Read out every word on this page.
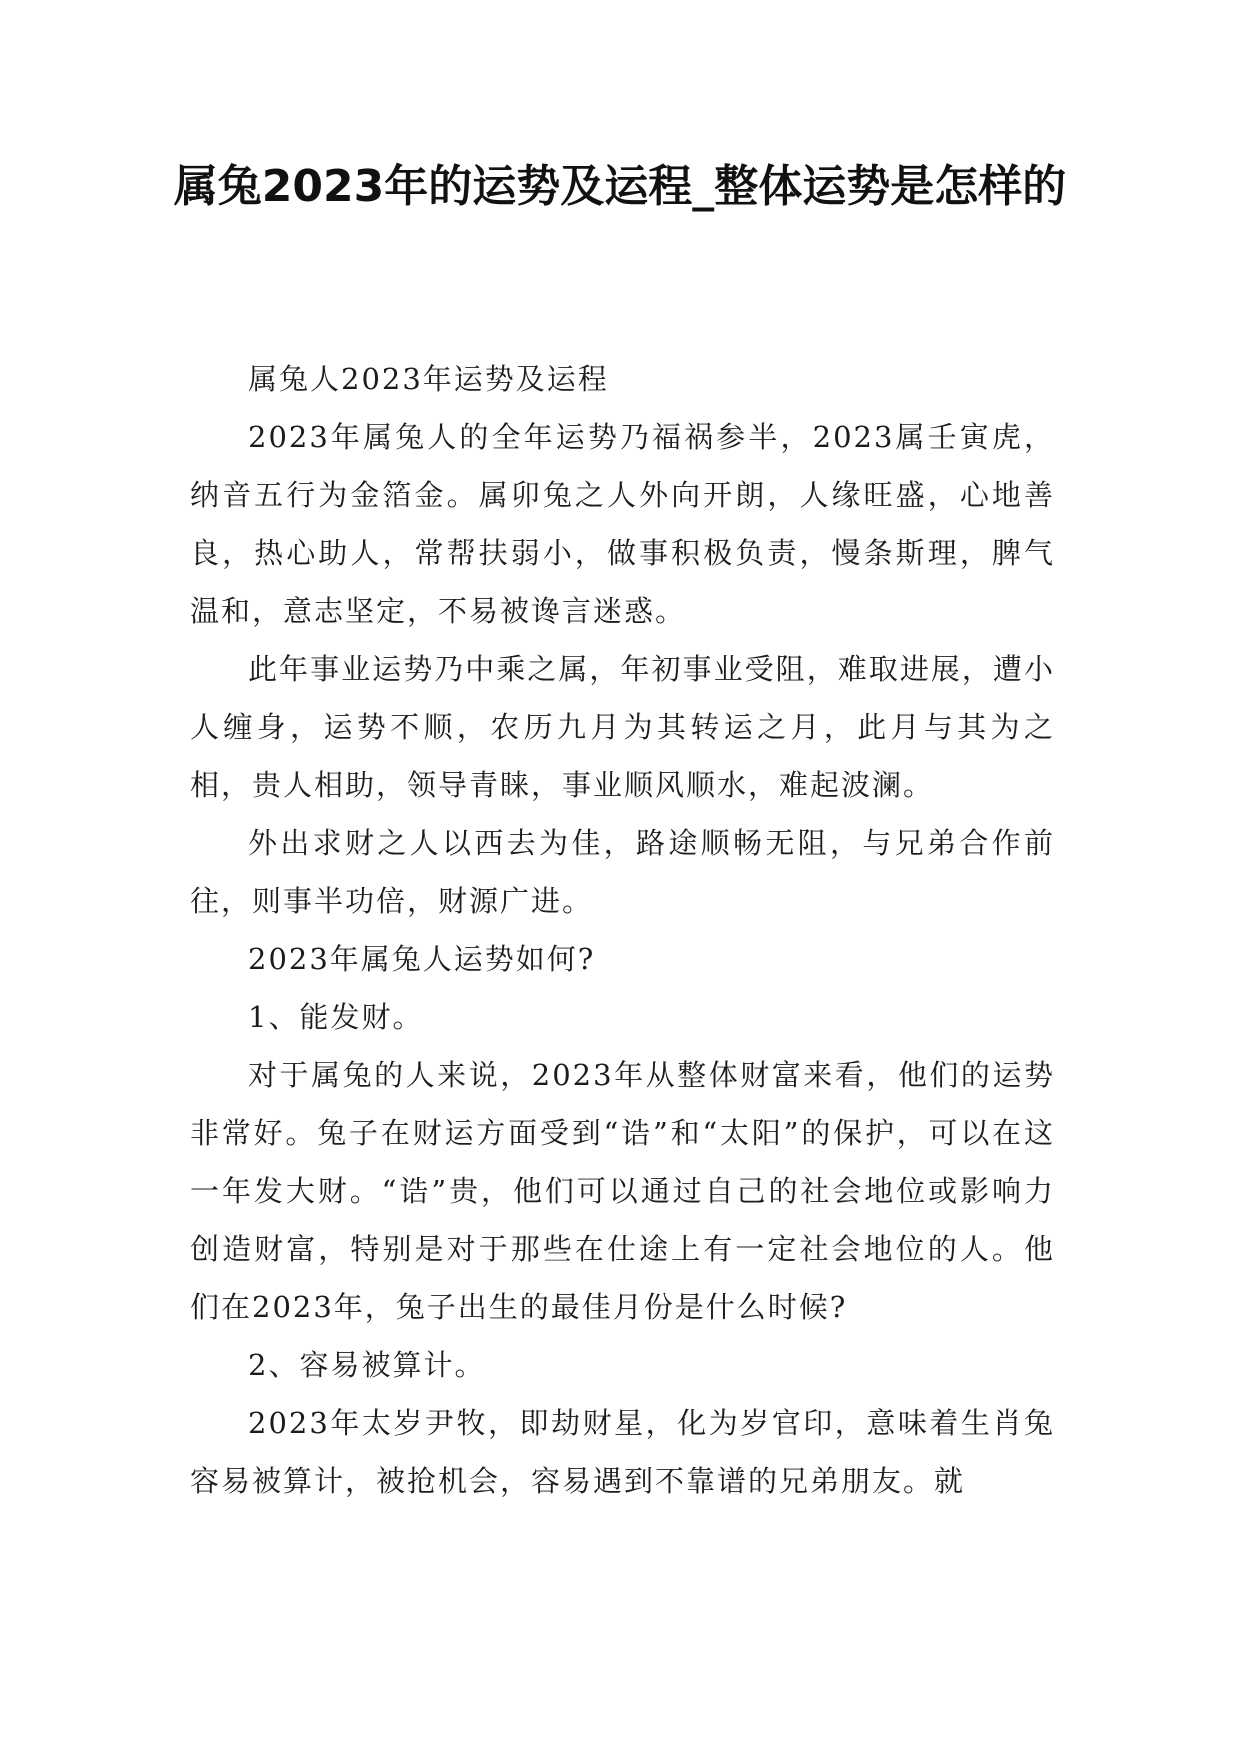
属兔2023年的运势及运程_整体运势是怎样的

属兔人2023年运势及运程

2023年属兔人的全年运势乃福祸参半，2023属壬寅虎，纳音五行为金箔金。属卯兔之人外向开朗，人缘旺盛，心地善良，热心助人，常帮扶弱小，做事积极负责，慢条斯理，脾气温和，意志坚定，不易被谗言迷惑。

此年事业运势乃中乘之属，年初事业受阻，难取进展，遭小人缠身，运势不顺，农历九月为其转运之月，此月与其为之相，贵人相助，领导青睐，事业顺风顺水，难起波澜。

外出求财之人以西去为佳，路途顺畅无阻，与兄弟合作前往，则事半功倍，财源广进。

2023年属兔人运势如何?

1、能发财。

对于属兔的人来说，2023年从整体财富来看，他们的运势非常好。兔子在财运方面受到“诰”和“太阳”的保护，可以在这一年发大财。“诰”贵，他们可以通过自己的社会地位或影响力创造财富，特别是对于那些在仕途上有一定社会地位的人。他们在2023年，兔子出生的最佳月份是什么时候?

2、容易被算计。

2023年太岁尹牧，即劫财星，化为岁官印，意味着生肖兔容易被算计，被抢机会，容易遇到不靠谱的兄弟朋友。就
